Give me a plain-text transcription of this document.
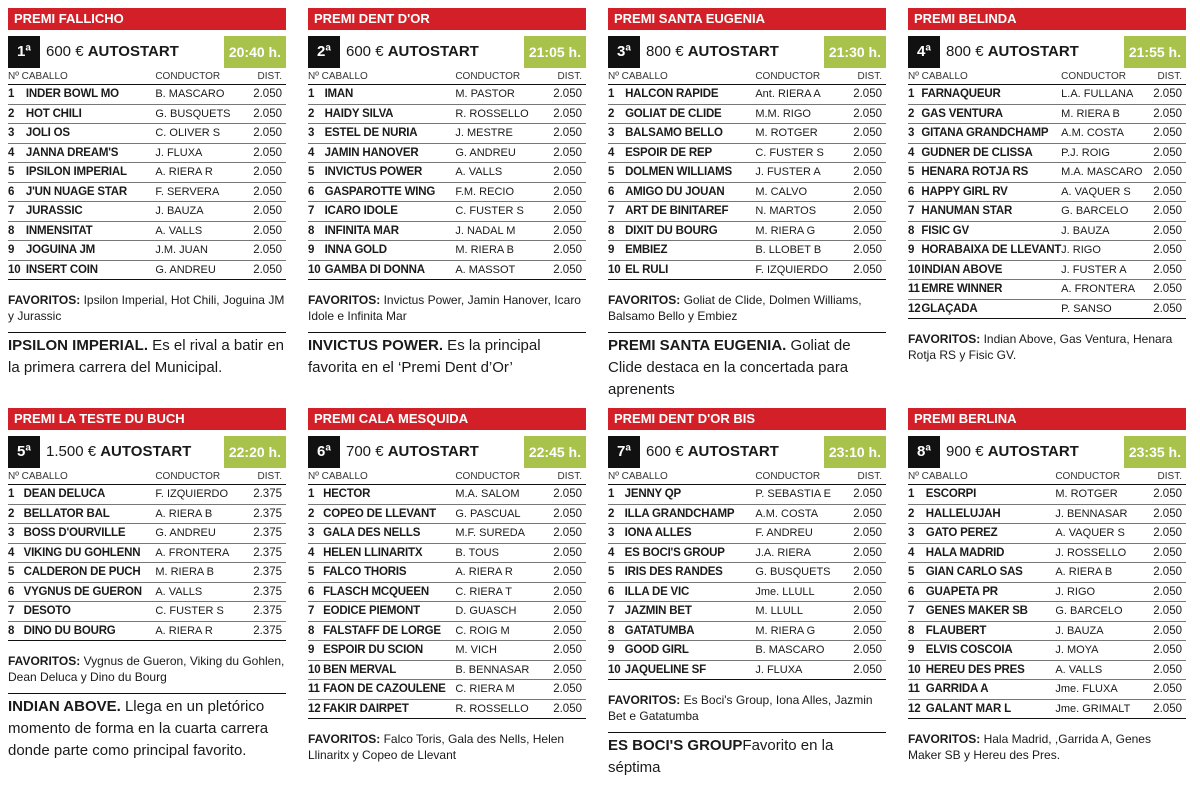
PREMI FALLICHO
1ª	600 € AUTOSTART	20:40 h.
Nº CABALLO		CONDUCTOR	DIST.
1	INDER BOWL MO	B. MASCARO	2.050
2	HOT CHILI	G. BUSQUETS	2.050
3	JOLI OS	C. OLIVER S	2.050
4	JANNA DREAM'S	J. FLUXA	2.050
5	IPSILON IMPERIAL	A. RIERA R	2.050
6	J'UN NUAGE STAR	F. SERVERA	2.050
7	JURASSIC	J. BAUZA	2.050
8	INMENSITAT	A. VALLS	2.050
9	JOGUINA JM	J.M. JUAN	2.050
10	INSERT COIN	G. ANDREU	2.050
FAVORITOS: Ipsilon Imperial, Hot Chili, Joguina JM y Jurassic
IPSILON IMPERIAL. Es el rival a batir en la primera carrera del Municipal.
PREMI DENT D'OR
2ª	600 € AUTOSTART	21:05 h.
Nº CABALLO		CONDUCTOR	DIST.
1	IMAN	M. PASTOR	2.050
2	HAIDY SILVA	R. ROSSELLO	2.050
3	ESTEL DE NURIA	J. MESTRE	2.050
4	JAMIN HANOVER	G. ANDREU	2.050
5	INVICTUS POWER	A. VALLS	2.050
6	GASPAROTTE WING	F.M. RECIO	2.050
7	ICARO IDOLE	C. FUSTER S	2.050
8	INFINITA MAR	J. NADAL M	2.050
9	INNA GOLD	M. RIERA B	2.050
10	GAMBA DI DONNA	A. MASSOT	2.050
FAVORITOS: Invictus Power, Jamin Hanover, Icaro Idole e Infinita Mar
INVICTUS POWER. Es la principal favorita en el ‘Premi Dent d’Or’
PREMI SANTA EUGENIA
3ª	800 € AUTOSTART	21:30 h.
Nº CABALLO		CONDUCTOR	DIST.
1	HALCON RAPIDE	Ant. RIERA A	2.050
2	GOLIAT DE CLIDE	M.M. RIGO	2.050
3	BALSAMO BELLO	M. ROTGER	2.050
4	ESPOIR DE REP	C. FUSTER S	2.050
5	DOLMEN WILLIAMS	J. FUSTER A	2.050
6	AMIGO DU JOUAN	M. CALVO	2.050
7	ART DE BINITAREF	N. MARTOS	2.050
8	DIXIT DU BOURG	M. RIERA G	2.050
9	EMBIEZ	B. LLOBET B	2.050
10	EL RULI	F. IZQUIERDO	2.050
FAVORITOS: Goliat de Clide, Dolmen Williams, Balsamo Bello y Embiez
PREMI SANTA EUGENIA. Goliat de Clide destaca en la concertada para aprenents
PREMI BELINDA
4ª	800 € AUTOSTART	21:55 h.
Nº CABALLO		CONDUCTOR	DIST.
1	FARNAQUEUR	L.A. FULLANA	2.050
2	GAS VENTURA	M. RIERA B	2.050
3	GITANA GRANDCHAMP	A.M. COSTA	2.050
4	GUDNER DE CLISSA	P.J. ROIG	2.050
5	HENARA ROTJA RS	M.A. MASCARO	2.050
6	HAPPY GIRL RV	A. VAQUER S	2.050
7	HANUMAN STAR	G. BARCELO	2.050
8	FISIC GV	J. BAUZA	2.050
9	HORABAIXA DE LLEVANT	J. RIGO	2.050
10	INDIAN ABOVE	J. FUSTER A	2.050
11	EMRE WINNER	A. FRONTERA	2.050
12	GLAÇADA	P. SANSO	2.050
FAVORITOS: Indian Above, Gas Ventura, Henara Rotja RS y Fisic GV.
PREMI LA TESTE DU BUCH
5ª	1.500 € AUTOSTART	22:20 h.
Nº CABALLO		CONDUCTOR	DIST.
1	DEAN DELUCA	F. IZQUIERDO	2.375
2	BELLATOR BAL	A. RIERA B	2.375
3	BOSS D'OURVILLE	G. ANDREU	2.375
4	VIKING DU GOHLENN	A. FRONTERA	2.375
5	CALDERON DE PUCH	M. RIERA B	2.375
6	VYGNUS DE GUERON	A. VALLS	2.375
7	DESOTO	C. FUSTER S	2.375
8	DINO DU BOURG	A. RIERA R	2.375
FAVORITOS: Vygnus de Gueron, Viking du Gohlen, Dean Deluca y Dino du Bourg
INDIAN ABOVE. Llega en un pletórico momento de forma en la cuarta carrera donde parte como principal favorito.
PREMI CALA MESQUIDA
6ª	700 € AUTOSTART	22:45 h.
Nº CABALLO		CONDUCTOR	DIST.
1	HECTOR	M.A. SALOM	2.050
2	COPEO DE LLEVANT	G. PASCUAL	2.050
3	GALA DES NELLS	M.F. SUREDA	2.050
4	HELEN LLINARITX	B. TOUS	2.050
5	FALCO THORIS	A. RIERA R	2.050
6	FLASCH MCQUEEN	C. RIERA T	2.050
7	EODICE PIEMONT	D. GUASCH	2.050
8	FALSTAFF DE LORGE	C. ROIG M	2.050
9	ESPOIR DU SCION	M. VICH	2.050
10	BEN MERVAL	B. BENNASAR	2.050
11	FAON DE CAZOULENE	C. RIERA M	2.050
12	FAKIR DAIRPET	R. ROSSELLO	2.050
FAVORITOS: Falco Toris, Gala des Nells, Helen Llinaritx y Copeo de Llevant
PREMI DENT D'OR BIS
7ª	600 € AUTOSTART	23:10 h.
Nº CABALLO		CONDUCTOR	DIST.
1	JENNY QP	P. SEBASTIA E	2.050
2	ILLA GRANDCHAMP	A.M. COSTA	2.050
3	IONA ALLES	F. ANDREU	2.050
4	ES BOCI'S GROUP	J.A. RIERA	2.050
5	IRIS DES RANDES	G. BUSQUETS	2.050
6	ILLA DE VIC	Jme. LLULL	2.050
7	JAZMIN BET	M. LLULL	2.050
8	GATATUMBA	M. RIERA G	2.050
9	GOOD GIRL	B. MASCARO	2.050
10	JAQUELINE SF	J. FLUXA	2.050
FAVORITOS: Es Boci's Group, Iona Alles, Jazmin Bet e Gatatumba
ES BOCI'S GROUPFavorito en la séptima
PREMI BERLINA
8ª	900 € AUTOSTART	23:35 h.
Nº CABALLO		CONDUCTOR	DIST.
1	ESCORPI	M. ROTGER	2.050
2	HALLELUJAH	J. BENNASAR	2.050
3	GATO PEREZ	A. VAQUER S	2.050
4	HALA MADRID	J. ROSSELLO	2.050
5	GIAN CARLO SAS	A. RIERA B	2.050
6	GUAPETA PR	J. RIGO	2.050
7	GENES MAKER SB	G. BARCELO	2.050
8	FLAUBERT	J. BAUZA	2.050
9	ELVIS COSCOIA	J. MOYA	2.050
10	HEREU DES PRES	A. VALLS	2.050
11	GARRIDA A	Jme. FLUXA	2.050
12	GALANT MAR L	Jme. GRIMALT	2.050
FAVORITOS: Hala Madrid, ,Garrida A, Genes Maker SB y Hereu des Pres.
